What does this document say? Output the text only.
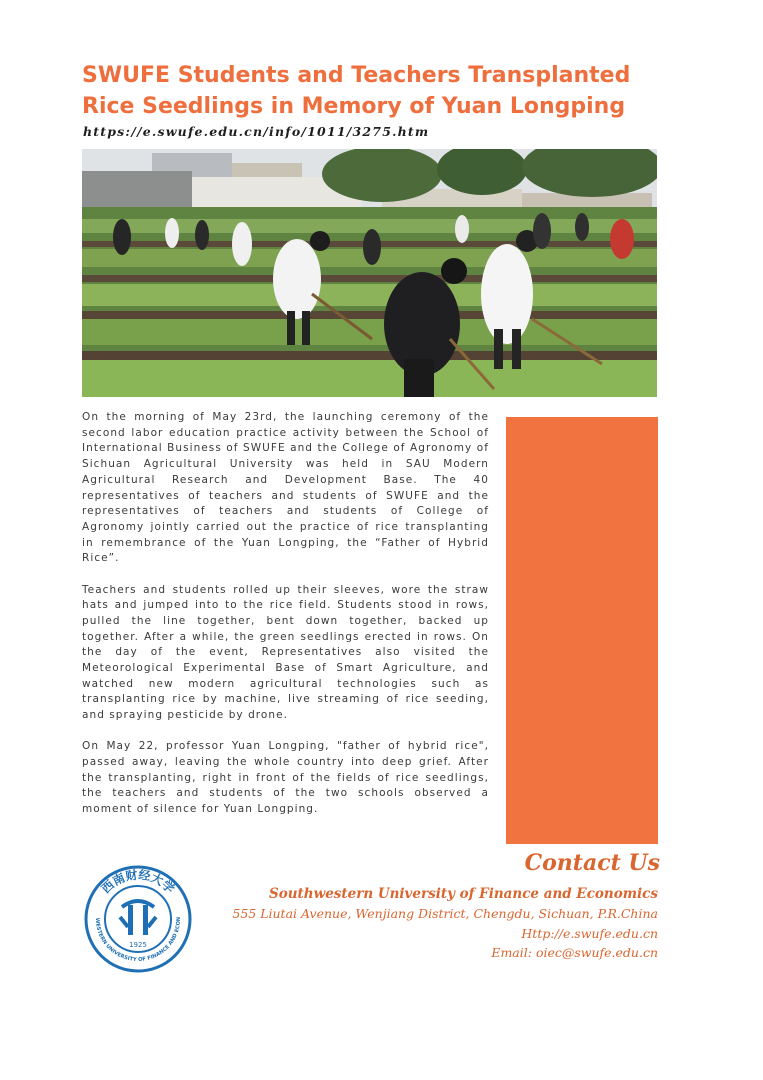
SWUFE Students and Teachers Transplanted Rice Seedlings in Memory of Yuan Longping
https://e.swufe.edu.cn/info/1011/3275.htm

On the morning of May 23rd, the launching ceremony of the second labor education practice activity between the School of International Business of SWUFE and the College of Agronomy of Sichuan Agricultural University was held in SAU Modern Agricultural Research and Development Base. The 40 representatives of teachers and students of SWUFE and the representatives of teachers and students of College of Agronomy jointly carried out the practice of rice transplanting in remembrance of the Yuan Longping, the “Father of Hybrid Rice”.

Teachers and students rolled up their sleeves, wore the straw hats and jumped into to the rice field. Students stood in rows, pulled the line together, bent down together, backed up together. After a while, the green seedlings erected in rows. On the day of the event, Representatives also visited the Meteorological Experimental Base of Smart Agriculture, and watched new modern agricultural technologies such as transplanting rice by machine, live streaming of rice seeding, and spraying pesticide by drone.

On May 22, professor Yuan Longping, "father of hybrid rice", passed away, leaving the whole country into deep grief. After the transplanting, right in front of the fields of rice seedlings, the teachers and students of the two schools observed a moment of silence for Yuan Longping.

西南财经大学
WESTERN UNIVERSITY OF FINANCE AND ECON
1925
Contact Us
Southwestern University of Finance and Economics
555 Liutai Avenue, Wenjiang District, Chengdu, Sichuan, P.R.China
Http://e.swufe.edu.cn
Email: oiec@swufe.edu.cn
